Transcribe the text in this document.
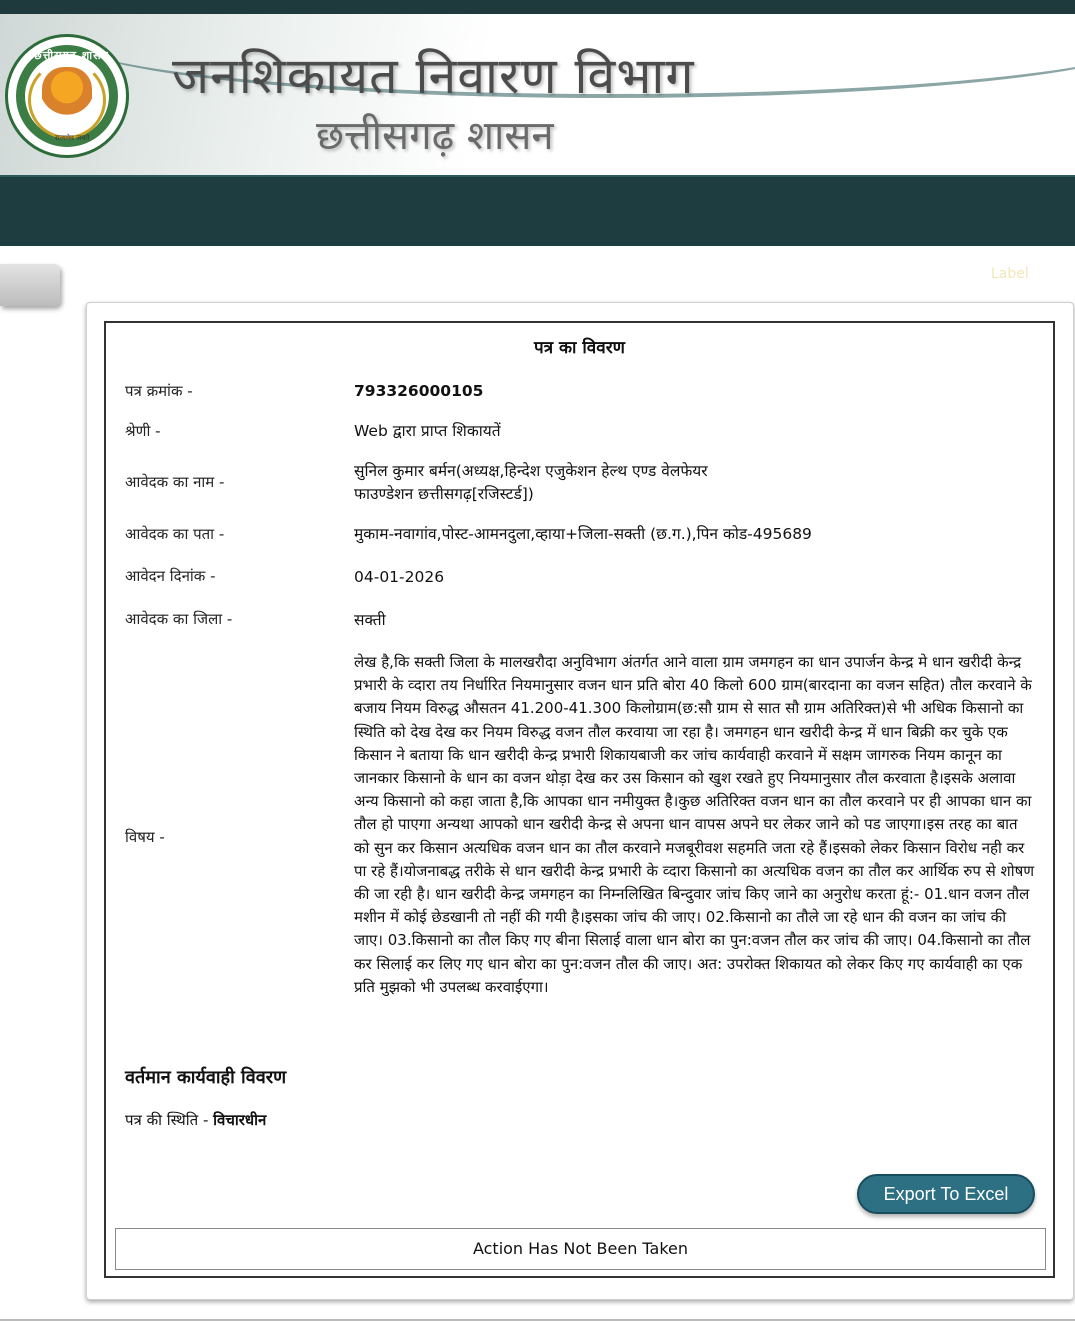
छत्तीसगढ़ शासन
सत्यमेव जयते
जनशिकायत निवारण विभाग
छत्तीसगढ़ शासन
Label
पत्र का विवरण
पत्र क्रमांक -	793326000105
श्रेणी -	Web द्वारा प्राप्त शिकायतें
आवेदक का नाम -
सुनिल कुमार बर्मन(अध्यक्ष,हिन्देश एजुकेशन हेल्थ एण्ड वेलफेयर
फाउण्डेशन छत्तीसगढ़[रजिस्टर्ड])
आवेदक का पता -	मुकाम-नवागांव,पोस्ट-आमनदुला,व्हाया+जिला-सक्ती (छ.ग.),पिन कोड-495689
आवेदन दिनांक -	04-01-2026
आवेदक का जिला -	सक्ती
विषय -
लेख है,कि सक्ती जिला के मालखरौदा अनुविभाग अंतर्गत आने वाला ग्राम जमगहन का धान उपार्जन केन्द्र मे धान खरीदी केन्द्र प्रभारी के व्दारा तय निर्धारित नियमानुसार वजन धान प्रति बोरा 40 किलो 600 ग्राम(बारदाना का वजन सहित) तौल करवाने के बजाय नियम विरुद्ध औसतन 41.200-41.300 किलोग्राम(छ:सौ ग्राम से सात सौ ग्राम अतिरिक्त)से भी अधिक किसानो का स्थिति को देख देख कर नियम विरुद्ध वजन तौल करवाया जा रहा है। जमगहन धान खरीदी केन्द्र में धान बिक्री कर चुके एक किसान ने बताया कि धान खरीदी केन्द्र प्रभारी शिकायबाजी कर जांच कार्यवाही करवाने में सक्षम जागरुक नियम कानून का जानकार किसानो के धान का वजन थोड़ा देख कर उस किसान को खुश रखते हुए नियमानुसार तौल करवाता है।इसके अलावा अन्य किसानो को कहा जाता है,कि आपका धान नमीयुक्त है।कुछ अतिरिक्त वजन धान का तौल करवाने पर ही आपका धान का तौल हो पाएगा अन्यथा आपको धान खरीदी केन्द्र से अपना धान वापस अपने घर लेकर जाने को पड जाएगा।इस तरह का बात को सुन कर किसान अत्यधिक वजन धान का तौल करवाने मजबूरीवश सहमति जता रहे हैं।इसको लेकर किसान विरोध नही कर पा रहे हैं।योजनाबद्ध तरीके से धान खरीदी केन्द्र प्रभारी के व्दारा किसानो का अत्यधिक वजन का तौल कर आर्थिक रुप से शोषण की जा रही है। धान खरीदी केन्द्र जमगहन का निम्नलिखित बिन्दुवार जांच किए जाने का अनुरोध करता हूं:- 01.धान वजन तौल मशीन में कोई छेडखानी तो नहीं की गयी है।इसका जांच की जाए। 02.किसानो का तौले जा रहे धान की वजन का जांच की जाए। 03.किसानो का तौल किए गए बीना सिलाई वाला धान बोरा का पुन:वजन तौल कर जांच की जाए। 04.किसानो का तौल कर सिलाई कर लिए गए धान बोरा का पुन:वजन तौल की जाए। अत: उपरोक्त शिकायत को लेकर किए गए कार्यवाही का एक प्रति मुझको भी उपलब्ध करवाईएगा।
वर्तमान कार्यवाही विवरण
पत्र की स्थिति - विचारधीन
Export To Excel
Action Has Not Been Taken
